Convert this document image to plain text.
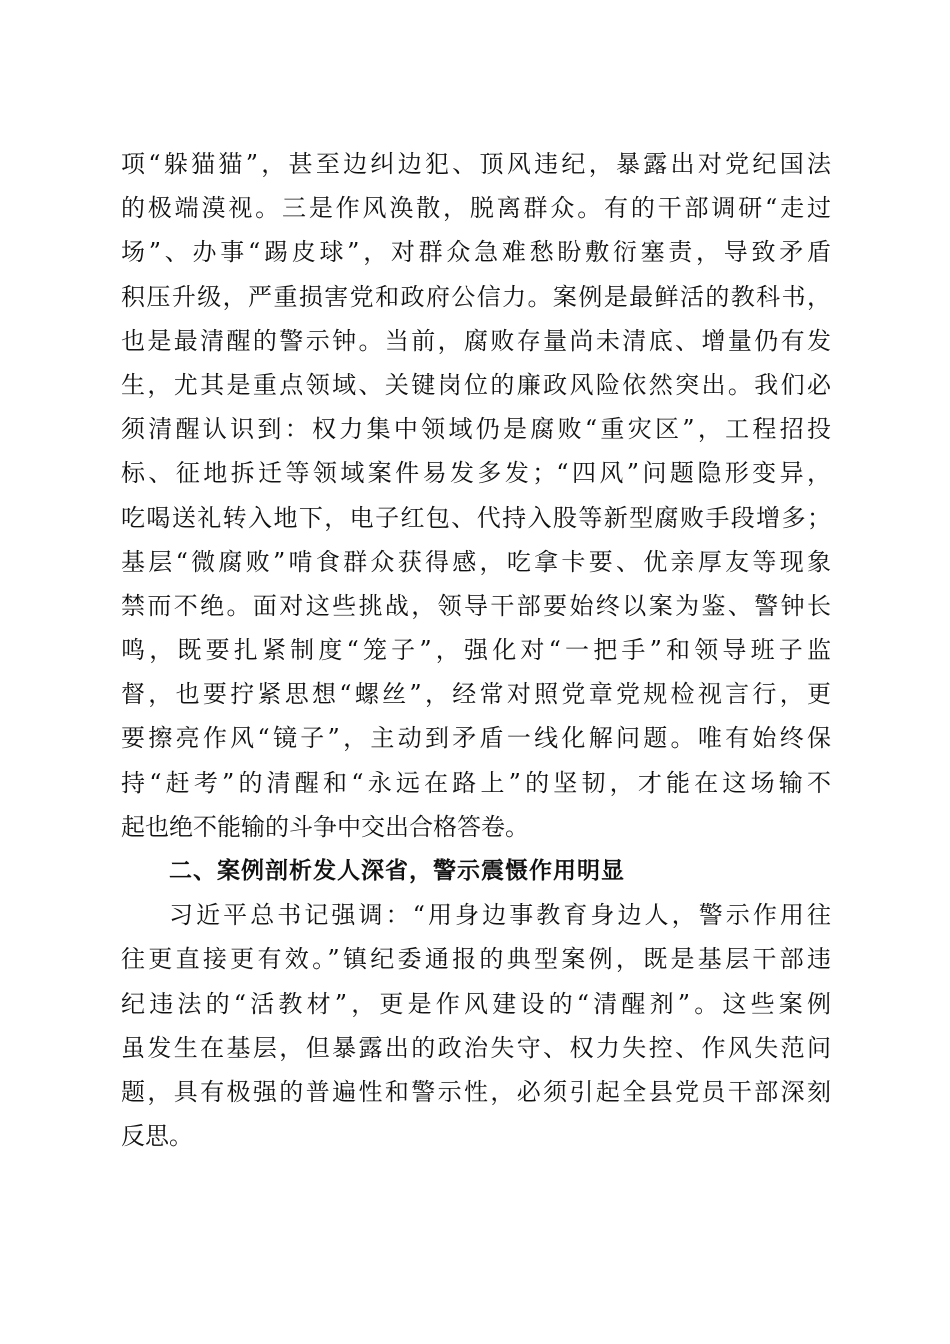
项“躲猫猫”，甚至边纠边犯、顶风违纪，暴露出对党纪国法
的极端漠视。三是作风涣散，脱离群众。有的干部调研“走过
场”、办事“踢皮球”，对群众急难愁盼敷衍塞责，导致矛盾
积压升级，严重损害党和政府公信力。案例是最鲜活的教科书，
也是最清醒的警示钟。当前，腐败存量尚未清底、增量仍有发
生，尤其是重点领域、关键岗位的廉政风险依然突出。我们必
须清醒认识到：权力集中领域仍是腐败“重灾区”，工程招投
标、征地拆迁等领域案件易发多发；“四风”问题隐形变异，
吃喝送礼转入地下，电子红包、代持入股等新型腐败手段增多；
基层“微腐败”啃食群众获得感，吃拿卡要、优亲厚友等现象
禁而不绝。面对这些挑战，领导干部要始终以案为鉴、警钟长
鸣，既要扎紧制度“笼子”，强化对“一把手”和领导班子监
督，也要拧紧思想“螺丝”，经常对照党章党规检视言行，更
要擦亮作风“镜子”，主动到矛盾一线化解问题。唯有始终保
持“赶考”的清醒和“永远在路上”的坚韧，才能在这场输不
起也绝不能输的斗争中交出合格答卷。
二、案例剖析发人深省，警示震慑作用明显
习近平总书记强调：“用身边事教育身边人，警示作用往
往更直接更有效。”镇纪委通报的典型案例，既是基层干部违
纪违法的“活教材”，更是作风建设的“清醒剂”。这些案例
虽发生在基层，但暴露出的政治失守、权力失控、作风失范问
题，具有极强的普遍性和警示性，必须引起全县党员干部深刻
反思。
